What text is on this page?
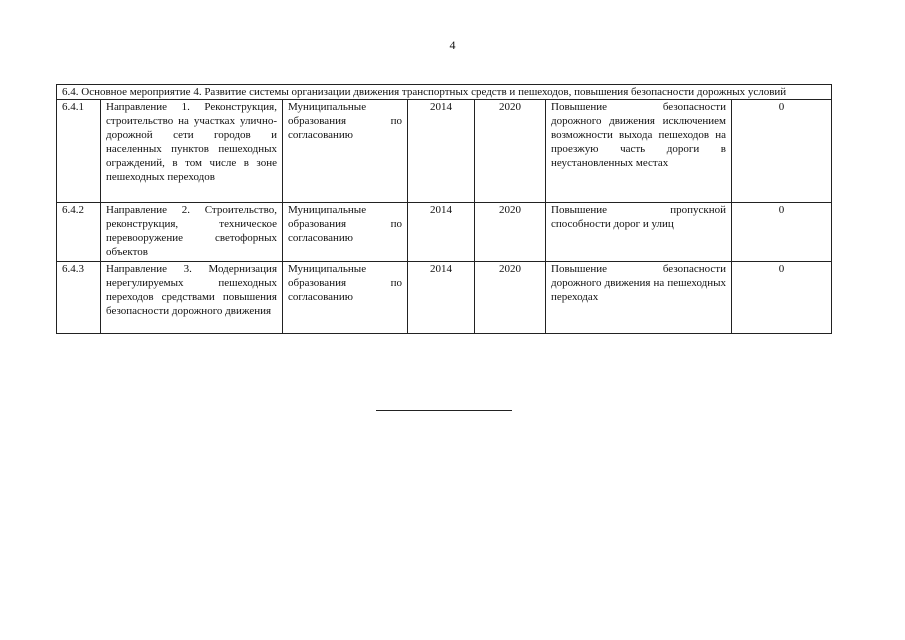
4
6.4. Основное мероприятие 4. Развитие системы организации движения транспортных средств и пешеходов, повышения безопасности дорожных условий						
6.4.1	Направление 1. Реконструкция, строительство на участках улично-дорожной сети городов и населенных пунктов пешеходных ограждений, в том числе в зоне пешеходных переходов	Муниципальные образования по согласованию	2014	2020	Повышение безопасности дорожного движения исключением возможности выхода пешеходов на проезжую часть дороги в неустановленных местах	0
6.4.2	Направление 2. Строительство, реконструкция, техническое перевооружение светофорных объектов	Муниципальные образования по согласованию	2014	2020	Повышение пропускной способности дорог и улиц	0
6.4.3	Направление 3. Модернизация нерегулируемых пешеходных переходов средствами повышения безопасности дорожного движения	Муниципальные образования по согласованию	2014	2020	Повышение безопасности дорожного движения на пешеходных переходах	0
